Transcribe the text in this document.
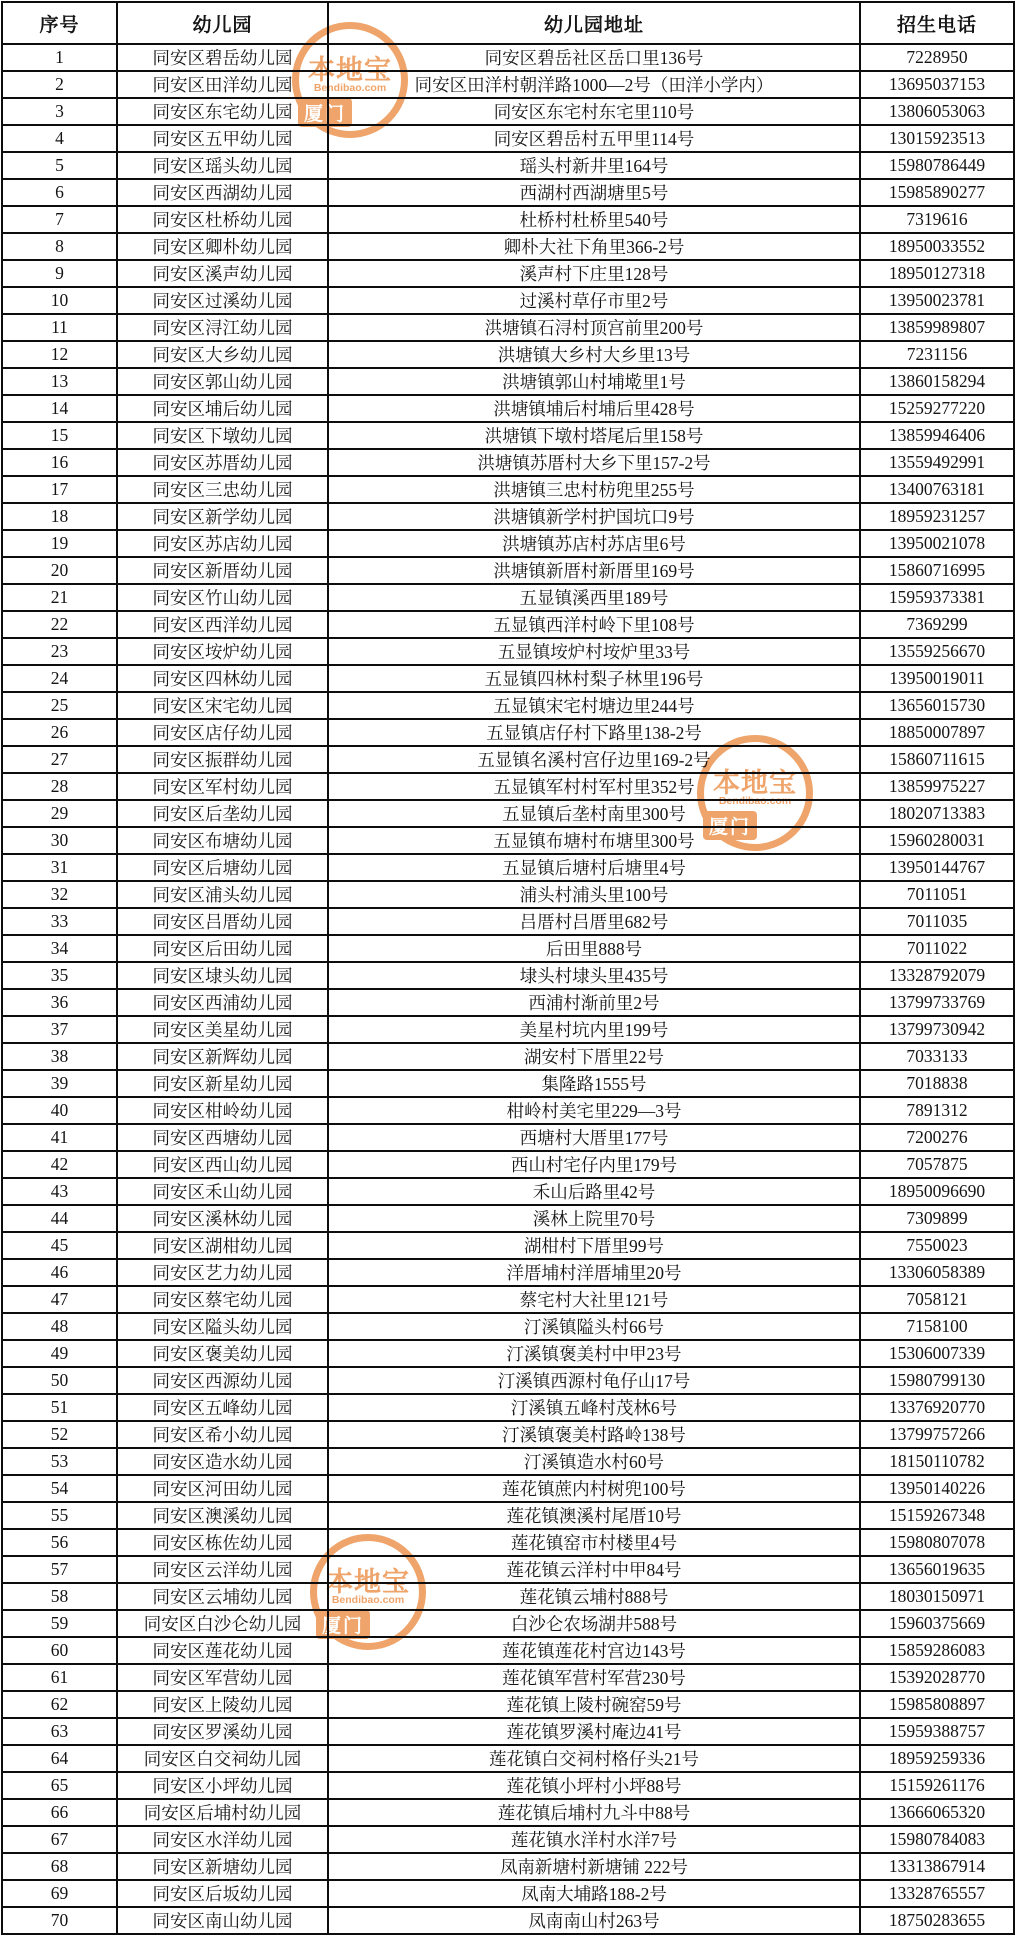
本地宝
Bendibao.com
厦门
本地宝
Bendibao.com
厦门
本地宝
Bendibao.com
厦门
序号	幼儿园	幼儿园地址	招生电话
1	同安区碧岳幼儿园	同安区碧岳社区岳口里136号	7228950
2	同安区田洋幼儿园	同安区田洋村朝洋路1000—2号（田洋小学内）	13695037153
3	同安区东宅幼儿园	同安区东宅村东宅里110号	13806053063
4	同安区五甲幼儿园	同安区碧岳村五甲里114号	13015923513
5	同安区瑶头幼儿园	瑶头村新井里164号	15980786449
6	同安区西湖幼儿园	西湖村西湖塘里5号	15985890277
7	同安区杜桥幼儿园	杜桥村杜桥里540号	7319616
8	同安区卿朴幼儿园	卿朴大社下角里366-2号	18950033552
9	同安区溪声幼儿园	溪声村下庄里128号	18950127318
10	同安区过溪幼儿园	过溪村草仔市里2号	13950023781
11	同安区浔江幼儿园	洪塘镇石浔村顶宫前里200号	13859989807
12	同安区大乡幼儿园	洪塘镇大乡村大乡里13号	7231156
13	同安区郭山幼儿园	洪塘镇郭山村埔墘里1号	13860158294
14	同安区埔后幼儿园	洪塘镇埔后村埔后里428号	15259277220
15	同安区下墩幼儿园	洪塘镇下墩村塔尾后里158号	13859946406
16	同安区苏厝幼儿园	洪塘镇苏厝村大乡下里157-2号	13559492991
17	同安区三忠幼儿园	洪塘镇三忠村枋兜里255号	13400763181
18	同安区新学幼儿园	洪塘镇新学村护国坑口9号	18959231257
19	同安区苏店幼儿园	洪塘镇苏店村苏店里6号	13950021078
20	同安区新厝幼儿园	洪塘镇新厝村新厝里169号	15860716995
21	同安区竹山幼儿园	五显镇溪西里189号	15959373381
22	同安区西洋幼儿园	五显镇西洋村岭下里108号	7369299
23	同安区垵炉幼儿园	五显镇垵炉村垵炉里33号	13559256670
24	同安区四林幼儿园	五显镇四林村梨子林里196号	13950019011
25	同安区宋宅幼儿园	五显镇宋宅村塘边里244号	13656015730
26	同安区店仔幼儿园	五显镇店仔村下路里138-2号	18850007897
27	同安区振群幼儿园	五显镇名溪村宫仔边里169-2号	15860711615
28	同安区军村幼儿园	五显镇军村村军村里352号	13859975227
29	同安区后垄幼儿园	五显镇后垄村南里300号	18020713383
30	同安区布塘幼儿园	五显镇布塘村布塘里300号	15960280031
31	同安区后塘幼儿园	五显镇后塘村后塘里4号	13950144767
32	同安区浦头幼儿园	浦头村浦头里100号	7011051
33	同安区吕厝幼儿园	吕厝村吕厝里682号	7011035
34	同安区后田幼儿园	后田里888号	7011022
35	同安区埭头幼儿园	埭头村埭头里435号	13328792079
36	同安区西浦幼儿园	西浦村渐前里2号	13799733769
37	同安区美星幼儿园	美星村坑内里199号	13799730942
38	同安区新辉幼儿园	湖安村下厝里22号	7033133
39	同安区新星幼儿园	集隆路1555号	7018838
40	同安区柑岭幼儿园	柑岭村美宅里229—3号	7891312
41	同安区西塘幼儿园	西塘村大厝里177号	7200276
42	同安区西山幼儿园	西山村宅仔内里179号	7057875
43	同安区禾山幼儿园	禾山后路里42号	18950096690
44	同安区溪林幼儿园	溪林上院里70号	7309899
45	同安区湖柑幼儿园	湖柑村下厝里99号	7550023
46	同安区艺力幼儿园	洋厝埔村洋厝埔里20号	13306058389
47	同安区蔡宅幼儿园	蔡宅村大社里121号	7058121
48	同安区隘头幼儿园	汀溪镇隘头村66号	7158100
49	同安区褒美幼儿园	汀溪镇褒美村中甲23号	15306007339
50	同安区西源幼儿园	汀溪镇西源村龟仔山17号	15980799130
51	同安区五峰幼儿园	汀溪镇五峰村茂林6号	13376920770
52	同安区希小幼儿园	汀溪镇褒美村路岭138号	13799757266
53	同安区造水幼儿园	汀溪镇造水村60号	18150110782
54	同安区河田幼儿园	莲花镇蔗内村树兜100号	13950140226
55	同安区澳溪幼儿园	莲花镇澳溪村尾厝10号	15159267348
56	同安区栋佐幼儿园	莲花镇窑市村楼里4号	15980807078
57	同安区云洋幼儿园	莲花镇云洋村中甲84号	13656019635
58	同安区云埔幼儿园	莲花镇云埔村888号	18030150971
59	同安区白沙仑幼儿园	白沙仑农场湖井588号	15960375669
60	同安区莲花幼儿园	莲花镇莲花村宫边143号	15859286083
61	同安区军营幼儿园	莲花镇军营村军营230号	15392028770
62	同安区上陵幼儿园	莲花镇上陵村碗窑59号	15985808897
63	同安区罗溪幼儿园	莲花镇罗溪村庵边41号	15959388757
64	同安区白交祠幼儿园	莲花镇白交祠村格仔头21号	18959259336
65	同安区小坪幼儿园	莲花镇小坪村小坪88号	15159261176
66	同安区后埔村幼儿园	莲花镇后埔村九斗中88号	13666065320
67	同安区水洋幼儿园	莲花镇水洋村水洋7号	15980784083
68	同安区新塘幼儿园	凤南新塘村新塘铺 222号	13313867914
69	同安区后坂幼儿园	凤南大埔路188-2号	13328765557
70	同安区南山幼儿园	凤南南山村263号	18750283655
